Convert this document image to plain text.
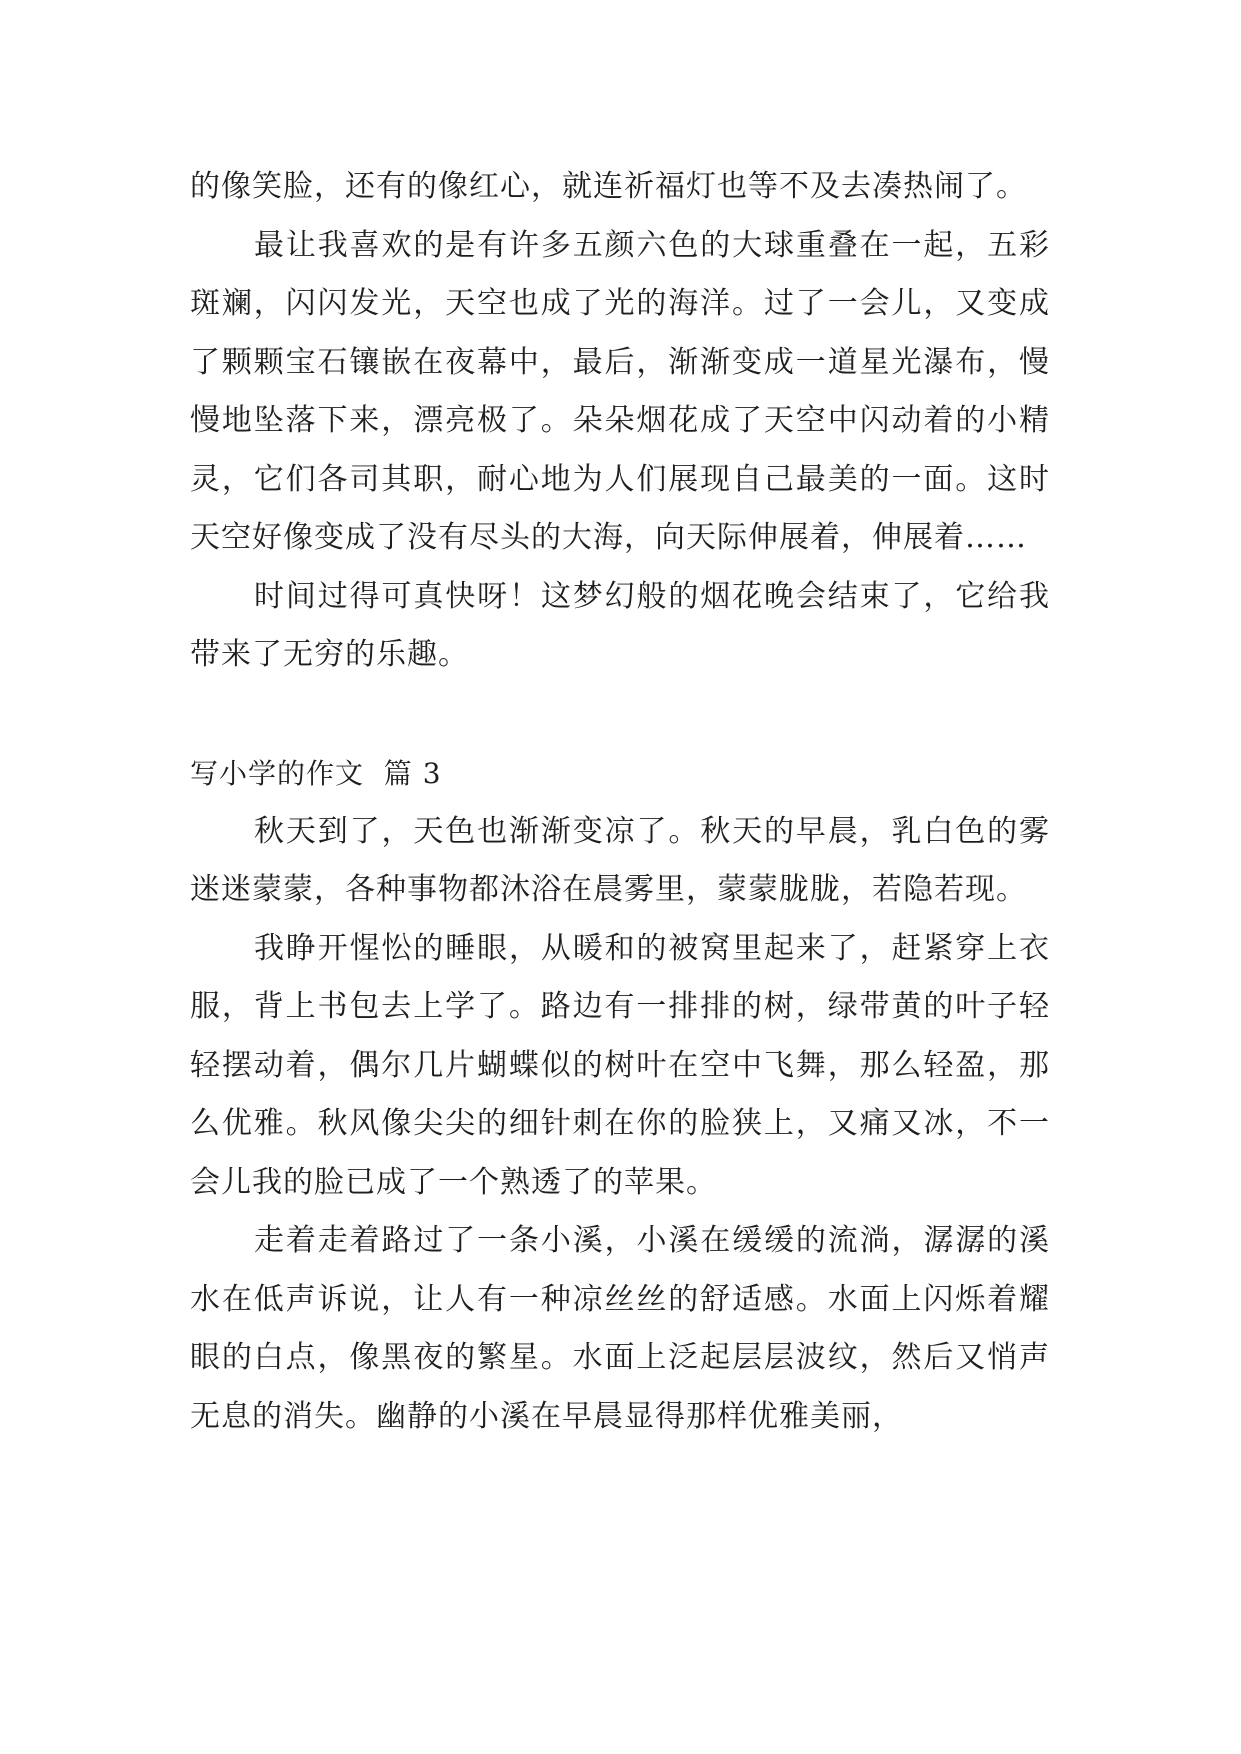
的像笑脸，还有的像红心，就连祈福灯也等不及去凑热闹了。

最让我喜欢的是有许多五颜六色的大球重叠在一起，五彩斑斓，闪闪发光，天空也成了光的海洋。过了一会儿，又变成了颗颗宝石镶嵌在夜幕中，最后，渐渐变成一道星光瀑布，慢慢地坠落下来，漂亮极了。朵朵烟花成了天空中闪动着的小精灵，它们各司其职，耐心地为人们展现自己最美的一面。这时天空好像变成了没有尽头的大海，向天际伸展着，伸展着……

时间过得可真快呀！这梦幻般的烟花晚会结束了，它给我带来了无穷的乐趣。

写小学的作文  篇 3

秋天到了，天色也渐渐变凉了。秋天的早晨，乳白色的雾迷迷蒙蒙，各种事物都沐浴在晨雾里，蒙蒙胧胧，若隐若现。

我睁开惺忪的睡眼，从暖和的被窝里起来了，赶紧穿上衣服，背上书包去上学了。路边有一排排的树，绿带黄的叶子轻轻摆动着，偶尔几片蝴蝶似的树叶在空中飞舞，那么轻盈，那么优雅。秋风像尖尖的细针刺在你的脸狭上，又痛又冰，不一会儿我的脸已成了一个熟透了的苹果。

走着走着路过了一条小溪，小溪在缓缓的流淌，潺潺的溪水在低声诉说，让人有一种凉丝丝的舒适感。水面上闪烁着耀眼的白点，像黑夜的繁星。水面上泛起层层波纹，然后又悄声无息的消失。幽静的小溪在早晨显得那样优雅美丽，
